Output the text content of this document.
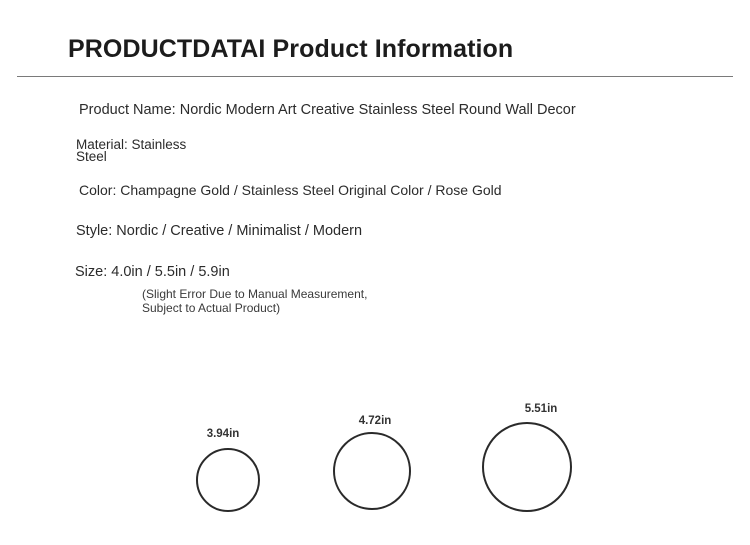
PRODUCTDATAI Product Information
Product Name: Nordic Modern Art Creative Stainless Steel Round Wall Decor
Material: Stainless Steel
Color: Champagne Gold / Stainless Steel Original Color / Rose Gold
Style: Nordic / Creative / Minimalist / Modern
Size: 4.0in / 5.5in / 5.9in
(Slight Error Due to Manual Measurement, Subject to Actual Product)
3.94in
4.72in
5.51in
